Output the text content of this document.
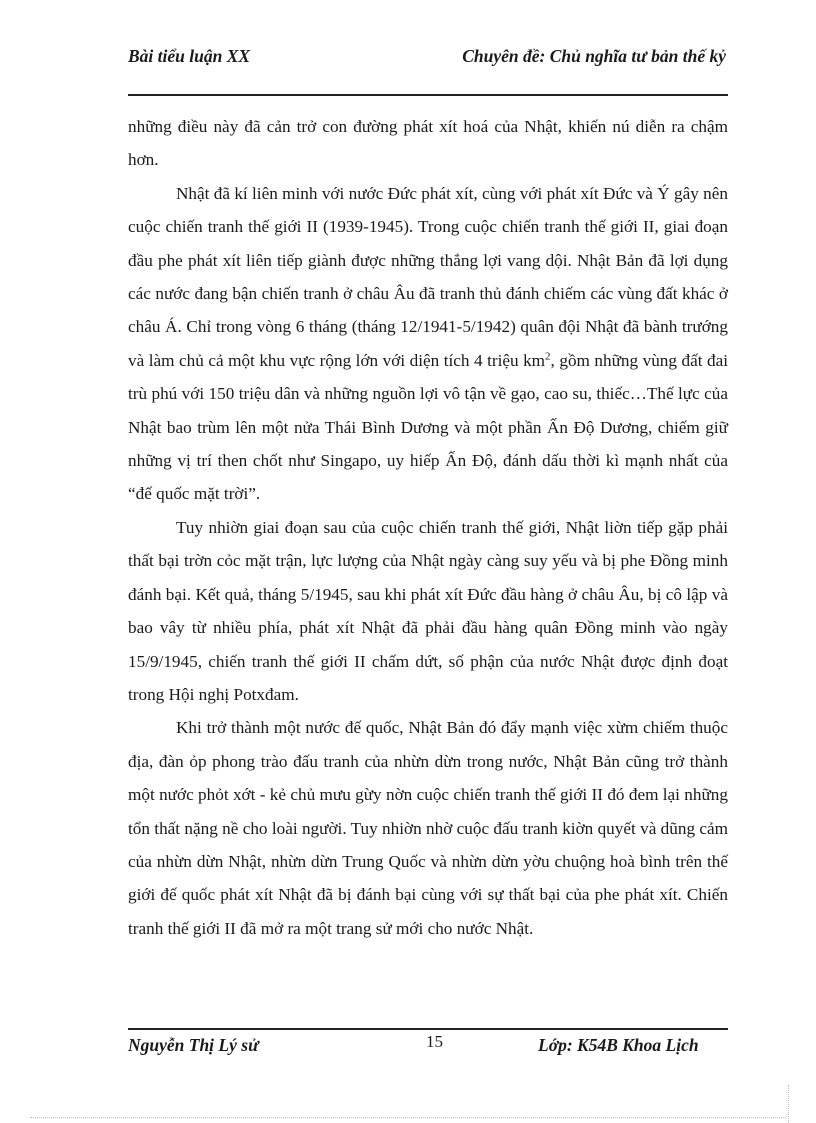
Bài tiểu luận XX	Chuyên đề: Chủ nghĩa tư bản thế kỷ

những điều này đã cản trở con đường phát xít hoá của Nhật, khiến nú diễn ra chậm hơn.

Nhật đã kí liên minh với nước Đức phát xít, cùng với phát xít Đức và Ý gây nên cuộc chiến tranh thế giới II (1939-1945). Trong cuộc chiến tranh thế giới II, giai đoạn đầu phe phát xít liên tiếp giành được những thắng lợi vang dội. Nhật Bản đã lợi dụng các nước đang bận chiến tranh ở châu Âu đã tranh thủ đánh chiếm các vùng đất khác ở châu Á. Chỉ trong vòng 6 tháng (tháng 12/1941-5/1942) quân đội Nhật đã bành trướng và làm chủ cả một khu vực rộng lớn với diện tích 4 triệu $km^2$, gồm những vùng đất đai trù phú với 150 triệu dân và những nguồn lợi vô tận về gạo, cao su, thiếc…Thế lực của Nhật bao trùm lên một nửa Thái Bình Dương và một phần Ấn Độ Dương, chiếm giữ những vị trí then chốt như Singapo, uy hiếp Ấn Độ, đánh dấu thời kì mạnh nhất của “đế quốc mặt trời”.

Tuy nhiờn giai đoạn sau của cuộc chiến tranh thế giới, Nhật liờn tiếp gặp phải thất bại trờn cỏc mặt trận, lực lượng của Nhật ngày càng suy yếu và bị phe Đồng minh đánh bại. Kết quả, tháng 5/1945, sau khi phát xít Đức đầu hàng ở châu Âu, bị cô lập và bao vây từ nhiều phía, phát xít Nhật đã phải đầu hàng quân Đồng minh vào ngày 15/9/1945, chiến tranh thế giới II chấm dứt, số phận của nước Nhật được định đoạt trong Hội nghị Potxđam.

Khi trở thành một nước đế quốc, Nhật Bản đó đẩy mạnh việc xừm chiếm thuộc địa, đàn ỏp phong trào đấu tranh của nhừn dừn trong nước, Nhật Bản cũng trở thành một nước phỏt xớt - kẻ chủ mưu gừy nờn cuộc chiến tranh thế giới II đó đem lại những tổn thất nặng nề cho loài người. Tuy nhiờn nhờ cuộc đấu tranh kiờn quyết và dũng cảm của nhừn dừn Nhật, nhừn dừn Trung Quốc và nhừn dừn yờu chuộng hoà bình trên thế giới đế quốc phát xít Nhật đã bị đánh bại cùng với sự thất bại của phe phát xít. Chiến tranh thế giới II đã mở ra một trang sử mới cho nước Nhật.

Nguyễn Thị Lý sử	15	Lớp: K54B Khoa Lịch
